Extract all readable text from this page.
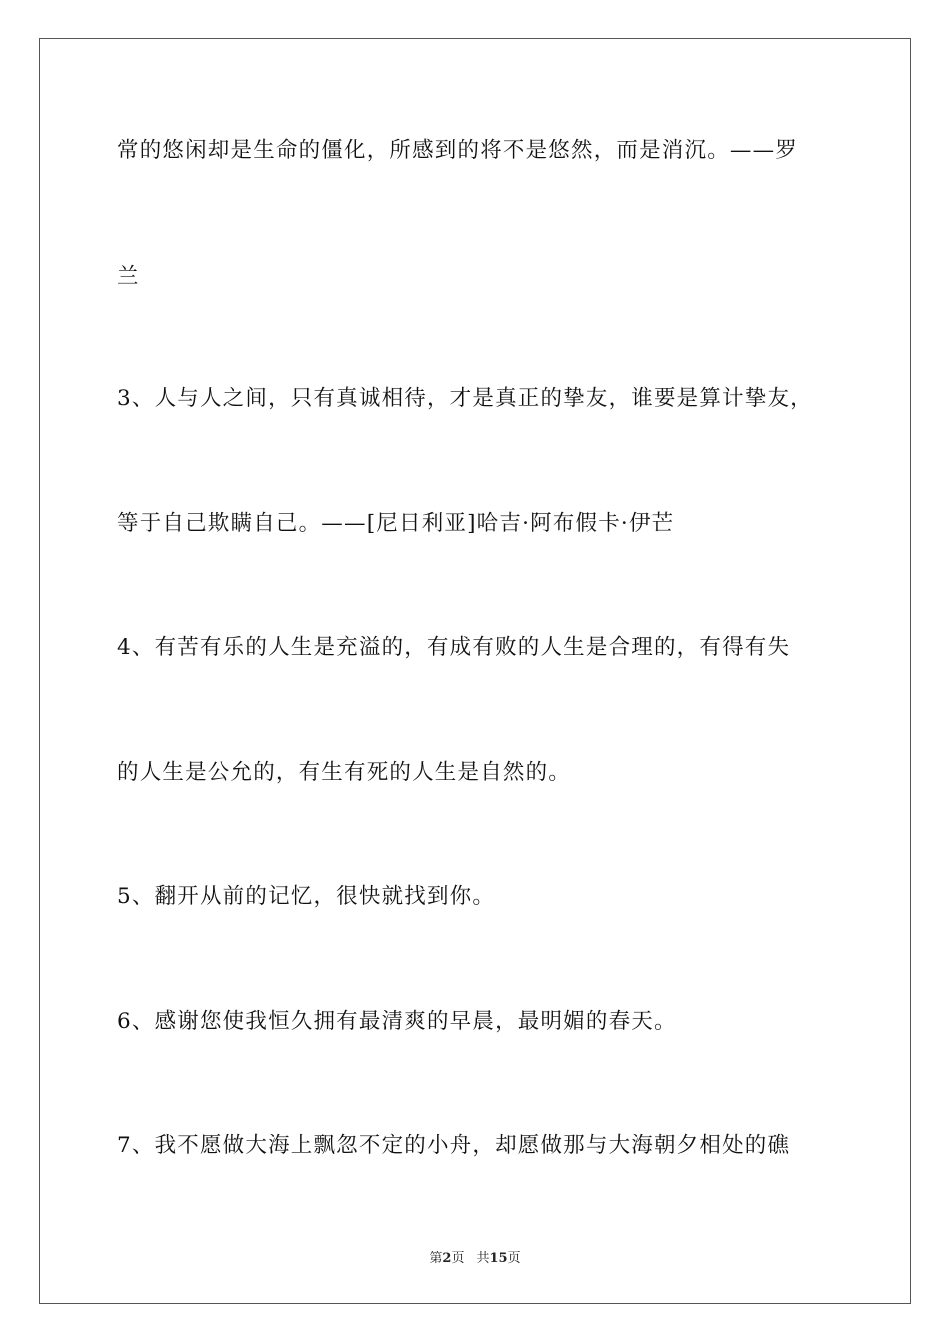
常的悠闲却是生命的僵化，所感到的将不是悠然，而是消沉。——罗
兰
3、人与人之间，只有真诚相待，才是真正的挚友，谁要是算计挚友，
等于自己欺瞒自己。——[尼日利亚]哈吉·阿布假卡·伊芒
4、有苦有乐的人生是充溢的，有成有败的人生是合理的，有得有失
的人生是公允的，有生有死的人生是自然的。
5、翻开从前的记忆，很快就找到你。
6、感谢您使我恒久拥有最清爽的早晨，最明媚的春天。
7、我不愿做大海上飘忽不定的小舟，却愿做那与大海朝夕相处的礁
第2页 共15页
